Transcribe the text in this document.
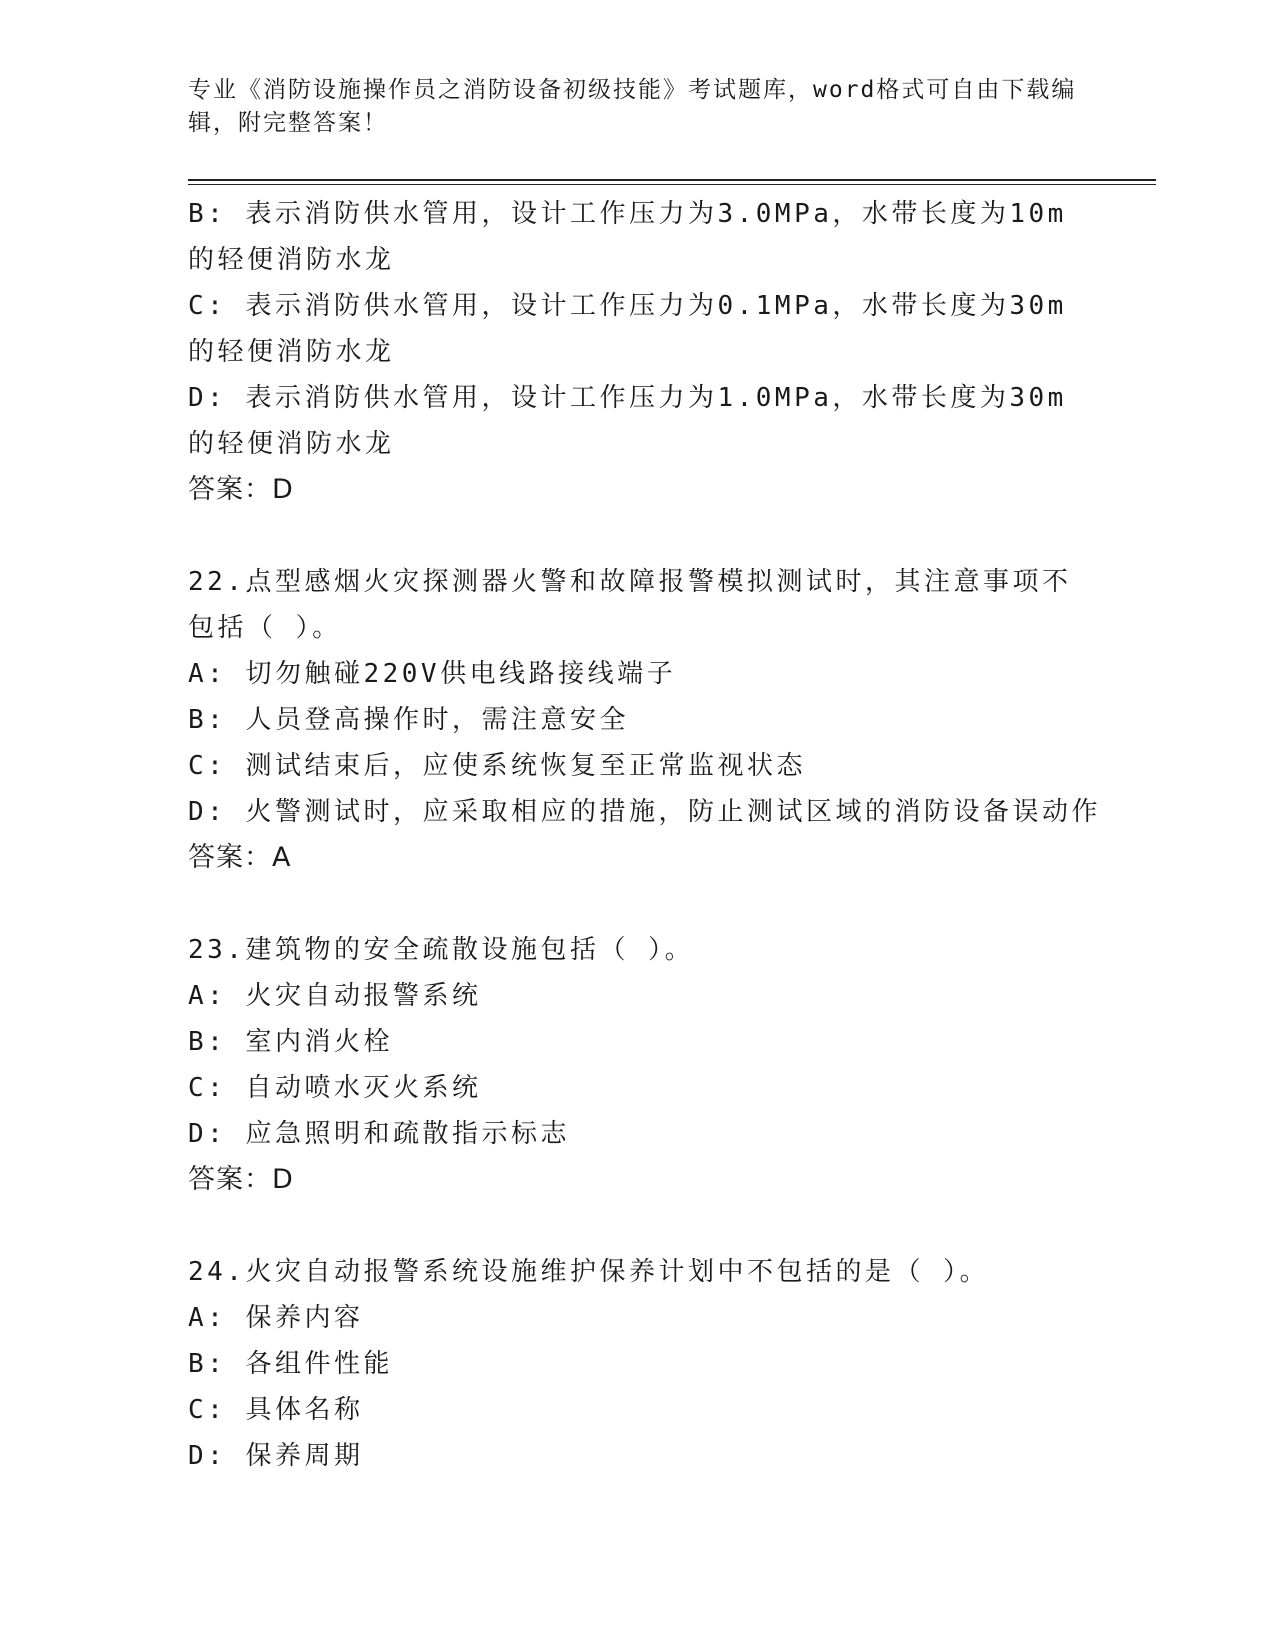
专业《消防设施操作员之消防设备初级技能》考试题库，word格式可自由下载编辑，附完整答案！
B: 表示消防供水管用，设计工作压力为3.0MPa，水带长度为10m的轻便消防水龙
C: 表示消防供水管用，设计工作压力为0.1MPa，水带长度为30m的轻便消防水龙
D: 表示消防供水管用，设计工作压力为1.0MPa，水带长度为30m的轻便消防水龙
答案：D
22.点型感烟火灾探测器火警和故障报警模拟测试时，其注意事项不包括（ ）。
A: 切勿触碰220V供电线路接线端子
B: 人员登高操作时，需注意安全
C: 测试结束后，应使系统恢复至正常监视状态
D: 火警测试时，应采取相应的措施，防止测试区域的消防设备误动作
答案：A
23.建筑物的安全疏散设施包括（ ）。
A: 火灾自动报警系统
B: 室内消火栓
C: 自动喷水灭火系统
D: 应急照明和疏散指示标志
答案：D
24.火灾自动报警系统设施维护保养计划中不包括的是（ ）。
A: 保养内容
B: 各组件性能
C: 具体名称
D: 保养周期
